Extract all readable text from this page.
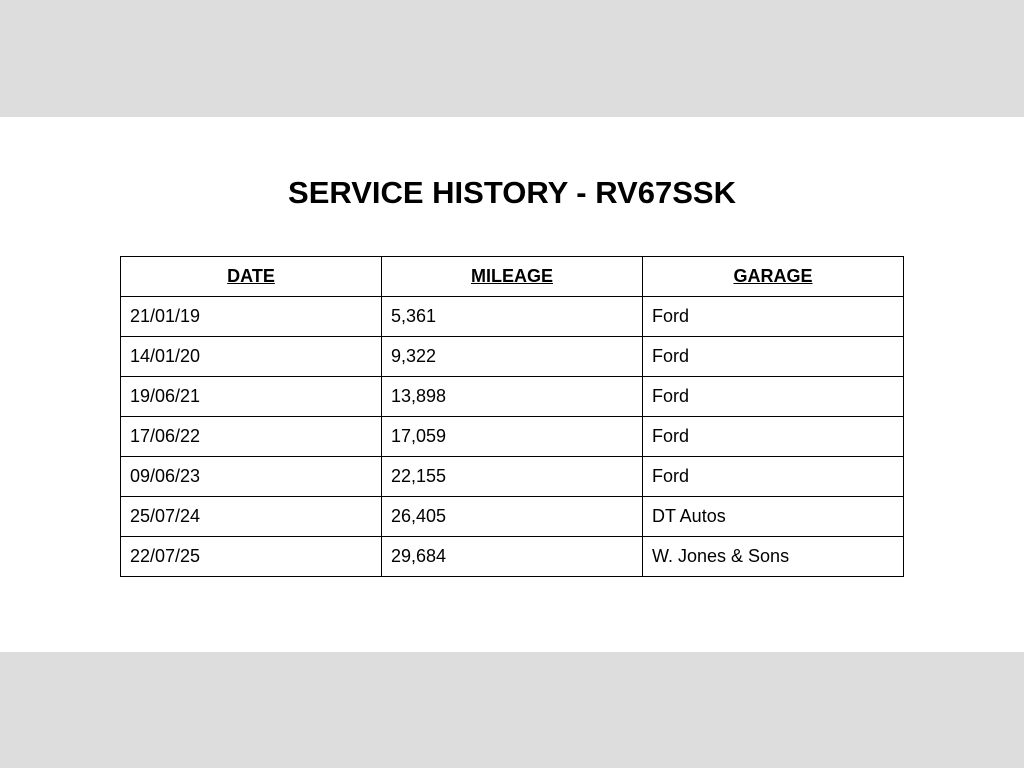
SERVICE HISTORY - RV67SSK
DATE	MILEAGE	GARAGE
21/01/19	5,361	Ford
14/01/20	9,322	Ford
19/06/21	13,898	Ford
17/06/22	17,059	Ford
09/06/23	22,155	Ford
25/07/24	26,405	DT Autos
22/07/25	29,684	W. Jones & Sons
